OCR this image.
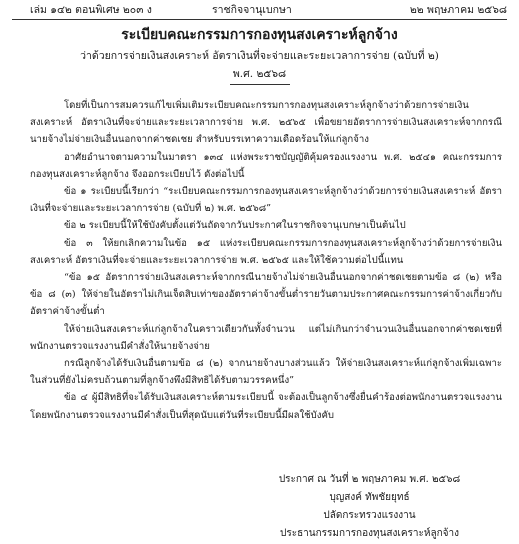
เล่ม ๑๔๒ ตอนพิเศษ ๒๐๓ ง	ราชกิจจานุเบกษา	๒๒ พฤษภาคม ๒๕๖๘
ระเบียบคณะกรรมการกองทุนสงเคราะห์ลูกจ้าง
ว่าด้วยการจ่ายเงินสงเคราะห์ อัตราเงินที่จะจ่ายและระยะเวลาการจ่าย (ฉบับที่ ๒)
พ.ศ. ๒๕๖๘

โดยที่เป็นการสมควรแก้ไขเพิ่มเติมระเบียบคณะกรรมการกองทุนสงเคราะห์ลูกจ้างว่าด้วยการจ่ายเงินสงเคราะห์ อัตราเงินที่จะจ่ายและระยะเวลาการจ่าย พ.ศ. ๒๕๖๕ เพื่อขยายอัตราการจ่ายเงินสงเคราะห์จากกรณีนายจ้างไม่จ่ายเงินอื่นนอกจากค่าชดเชย สำหรับบรรเทาความเดือดร้อนให้แก่ลูกจ้าง

อาศัยอำนาจตามความในมาตรา ๑๓๔ แห่งพระราชบัญญัติคุ้มครองแรงงาน พ.ศ. ๒๕๔๑ คณะกรรมการกองทุนสงเคราะห์ลูกจ้าง จึงออกระเบียบไว้ ดังต่อไปนี้

ข้อ ๑ ระเบียบนี้เรียกว่า “ระเบียบคณะกรรมการกองทุนสงเคราะห์ลูกจ้างว่าด้วยการจ่ายเงินสงเคราะห์ อัตราเงินที่จะจ่ายและระยะเวลาการจ่าย (ฉบับที่ ๒) พ.ศ. ๒๕๖๘”

ข้อ ๒ ระเบียบนี้ให้ใช้บังคับตั้งแต่วันถัดจากวันประกาศในราชกิจจานุเบกษาเป็นต้นไป

ข้อ ๓ ให้ยกเลิกความในข้อ ๑๕ แห่งระเบียบคณะกรรมการกองทุนสงเคราะห์ลูกจ้างว่าด้วยการจ่ายเงินสงเคราะห์ อัตราเงินที่จะจ่ายและระยะเวลาการจ่าย พ.ศ. ๒๕๖๕ และให้ใช้ความต่อไปนี้แทน

“ข้อ ๑๕ อัตราการจ่ายเงินสงเคราะห์จากกรณีนายจ้างไม่จ่ายเงินอื่นนอกจากค่าชดเชยตามข้อ ๘ (๒) หรือข้อ ๘ (๓) ให้จ่ายในอัตราไม่เกินเจ็ดสิบเท่าของอัตราค่าจ้างขั้นต่ำรายวันตามประกาศคณะกรรมการค่าจ้างเกี่ยวกับอัตราค่าจ้างขั้นต่ำ

ให้จ่ายเงินสงเคราะห์แก่ลูกจ้างในคราวเดียวกันทั้งจำนวน แต่ไม่เกินกว่าจำนวนเงินอื่นนอกจากค่าชดเชยที่พนักงานตรวจแรงงานมีคำสั่งให้นายจ้างจ่าย

กรณีลูกจ้างได้รับเงินอื่นตามข้อ ๘ (๒) จากนายจ้างบางส่วนแล้ว ให้จ่ายเงินสงเคราะห์แก่ลูกจ้างเพิ่มเฉพาะในส่วนที่ยังไม่ครบถ้วนตามที่ลูกจ้างพึงมีสิทธิได้รับตามวรรคหนึ่ง”

ข้อ ๔ ผู้มีสิทธิที่จะได้รับเงินสงเคราะห์ตามระเบียบนี้ จะต้องเป็นลูกจ้างซึ่งยื่นคำร้องต่อพนักงานตรวจแรงงาน โดยพนักงานตรวจแรงงานมีคำสั่งเป็นที่สุดนับแต่วันที่ระเบียบนี้มีผลใช้บังคับ

ประกาศ ณ วันที่ ๒ พฤษภาคม พ.ศ. ๒๕๖๘
บุญสงค์ ทัพชัยยุทธ์
ปลัดกระทรวงแรงงาน
ประธานกรรมการกองทุนสงเคราะห์ลูกจ้าง
